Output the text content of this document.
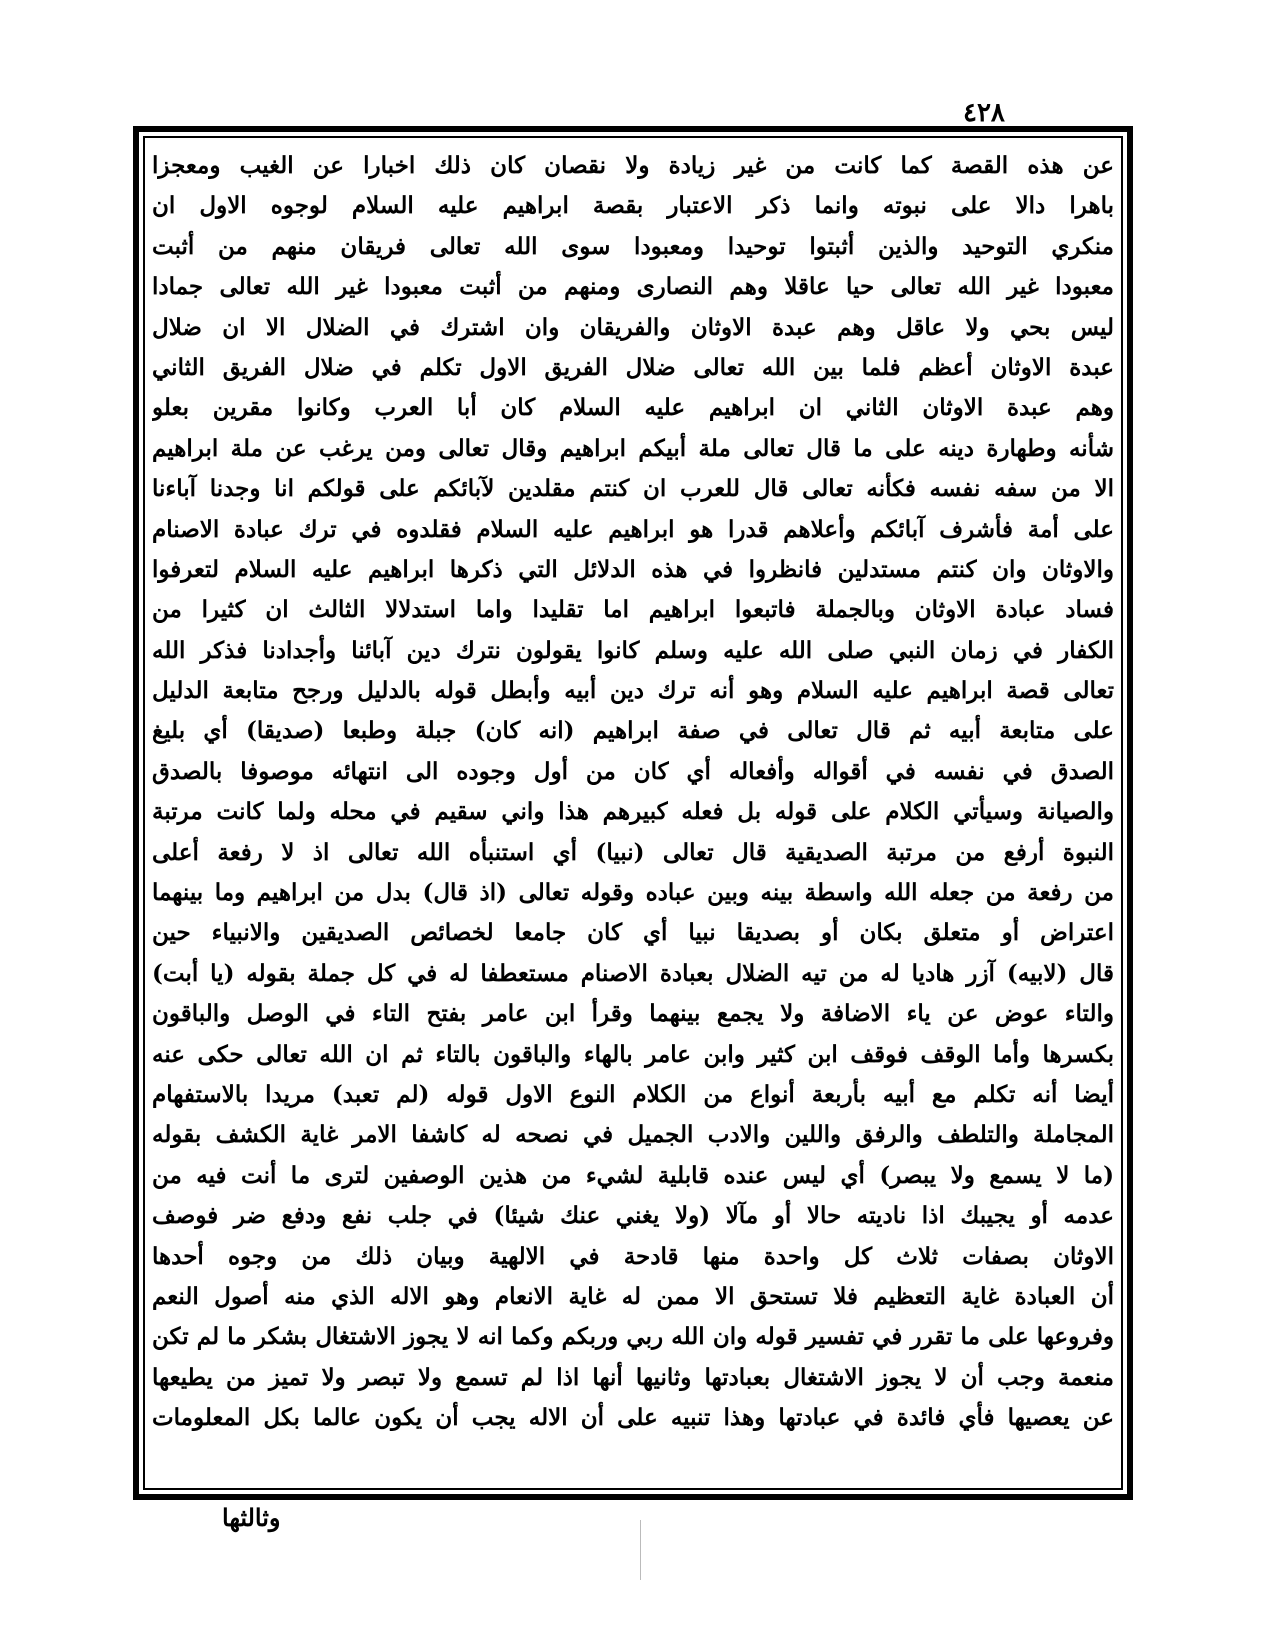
٤٢٨
عن هذه القصة كما كانت من غير زيادة ولا نقصان كان ذلك اخبارا عن الغيب ومعجزا
باهرا دالا على نبوته وانما ذكر الاعتبار بقصة ابراهيم عليه السلام لوجوه الاول ان
منكري التوحيد والذين أثبتوا توحيدا ومعبودا سوى الله تعالى فريقان منهم من أثبت
معبودا غير الله تعالى حيا عاقلا وهم النصارى ومنهم من أثبت معبودا غير الله تعالى جمادا
ليس بحي ولا عاقل وهم عبدة الاوثان والفريقان وان اشترك في الضلال الا ان ضلال
عبدة الاوثان أعظم فلما بين الله تعالى ضلال الفريق الاول تكلم في ضلال الفريق الثاني
وهم عبدة الاوثان الثاني ان ابراهيم عليه السلام كان أبا العرب وكانوا مقرين بعلو
شأنه وطهارة دينه على ما قال تعالى ملة أبيكم ابراهيم وقال تعالى ومن يرغب عن ملة ابراهيم
الا من سفه نفسه فكأنه تعالى قال للعرب ان كنتم مقلدين لآبائكم على قولكم انا وجدنا آباءنا
على أمة فأشرف آبائكم وأعلاهم قدرا هو ابراهيم عليه السلام فقلدوه في ترك عبادة الاصنام
والاوثان وان كنتم مستدلين فانظروا في هذه الدلائل التي ذكرها ابراهيم عليه السلام لتعرفوا
فساد عبادة الاوثان وبالجملة فاتبعوا ابراهيم اما تقليدا واما استدلالا الثالث ان كثيرا من
الكفار في زمان النبي صلى الله عليه وسلم كانوا يقولون نترك دين آبائنا وأجدادنا فذكر الله
تعالى قصة ابراهيم عليه السلام وهو أنه ترك دين أبيه وأبطل قوله بالدليل ورجح متابعة الدليل
على متابعة أبيه ثم قال تعالى في صفة ابراهيم (انه كان) جبلة وطبعا (صديقا) أي بليغ
الصدق في نفسه في أقواله وأفعاله أي كان من أول وجوده الى انتهائه موصوفا بالصدق
والصيانة وسيأتي الكلام على قوله بل فعله كبيرهم هذا واني سقيم في محله ولما كانت مرتبة
النبوة أرفع من مرتبة الصديقية قال تعالى (نبيا) أي استنبأه الله تعالى اذ لا رفعة أعلى
من رفعة من جعله الله واسطة بينه وبين عباده وقوله تعالى (اذ قال) بدل من ابراهيم وما بينهما
اعتراض أو متعلق بكان أو بصديقا نبيا أي كان جامعا لخصائص الصديقين والانبياء حين
قال (لابيه) آزر هاديا له من تيه الضلال بعبادة الاصنام مستعطفا له في كل جملة بقوله (يا أبت)
والتاء عوض عن ياء الاضافة ولا يجمع بينهما وقرأ ابن عامر بفتح التاء في الوصل والباقون
بكسرها وأما الوقف فوقف ابن كثير وابن عامر بالهاء والباقون بالتاء ثم ان الله تعالى حكى عنه
أيضا أنه تكلم مع أبيه بأربعة أنواع من الكلام النوع الاول قوله (لم تعبد) مريدا بالاستفهام
المجاملة والتلطف والرفق واللين والادب الجميل في نصحه له كاشفا الامر غاية الكشف بقوله
(ما لا يسمع ولا يبصر) أي ليس عنده قابلية لشيء من هذين الوصفين لترى ما أنت فيه من
عدمه أو يجيبك اذا ناديته حالا أو مآلا (ولا يغني عنك شيئا) في جلب نفع ودفع ضر فوصف
الاوثان بصفات ثلاث كل واحدة منها قادحة في الالهية وبيان ذلك من وجوه أحدها
أن العبادة غاية التعظيم فلا تستحق الا ممن له غاية الانعام وهو الاله الذي منه أصول النعم
وفروعها على ما تقرر في تفسير قوله وان الله ربي وربكم وكما انه لا يجوز الاشتغال بشكر ما لم تكن
منعمة وجب أن لا يجوز الاشتغال بعبادتها وثانيها أنها اذا لم تسمع ولا تبصر ولا تميز من يطيعها
عن يعصيها فأي فائدة في عبادتها وهذا تنبيه على أن الاله يجب أن يكون عالما بكل المعلومات
وثالثها
